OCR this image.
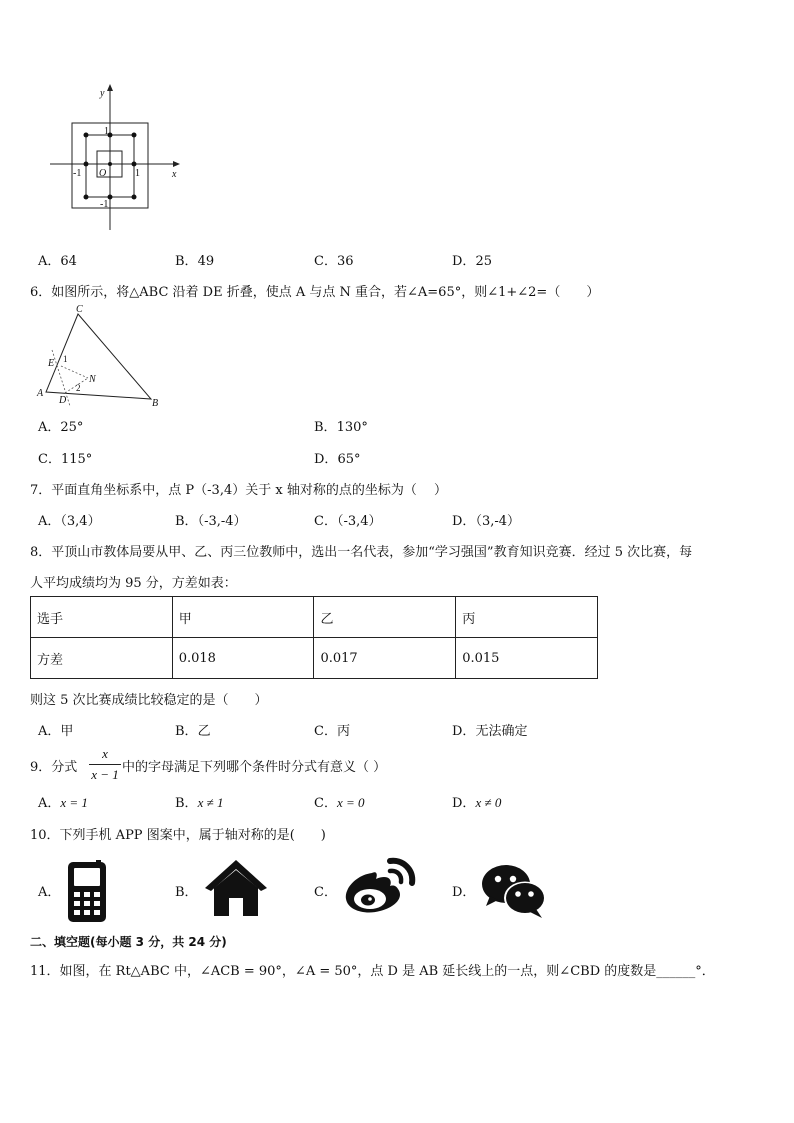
y
x
O
1
1
-1
-1
A．64	B．49	C．36	D．25
6．如图所示，将△ABC 沿着 DE 折叠，使点 A 与点 N 重合，若∠A=65°，则∠1+∠2=（　　）
C
E
N
A
D	B
1
2
A．25°	B．130°
C．115°	D．65°
7．平面直角坐标系中，点 P（-3,4）关于 x 轴对称的点的坐标为（　 ）
A．（3,4）	B．（-3,-4）	C．（-3,4）	D．（3,-4）
8．平顶山市教体局要从甲、乙、丙三位教师中，选出一名代表，参加“学习强国”教育知识竞赛．经过 5 次比赛，每
人平均成绩均为 95 分，方差如表：
选手	甲	乙	丙
方差	0.018	0.017	0.015
则这 5 次比赛成绩比较稳定的是（　　）
A．甲	B．乙	C．丙	D．无法确定
9．分式
x
x − 1 中的字母满足下列哪个条件时分式有意义（ ）
A．x = 1	B．x ≠ 1	C．x = 0	D．x ≠ 0
10．下列手机 APP 图案中，属于轴对称的是(　　)
A．	B．	C．	D．
二、填空题(每小题 3 分，共 24 分)
11．如图，在 Rt△ABC 中，∠ACB = 90°，∠A = 50°，点 D 是 AB 延长线上的一点，则∠CBD 的度数是______°．
